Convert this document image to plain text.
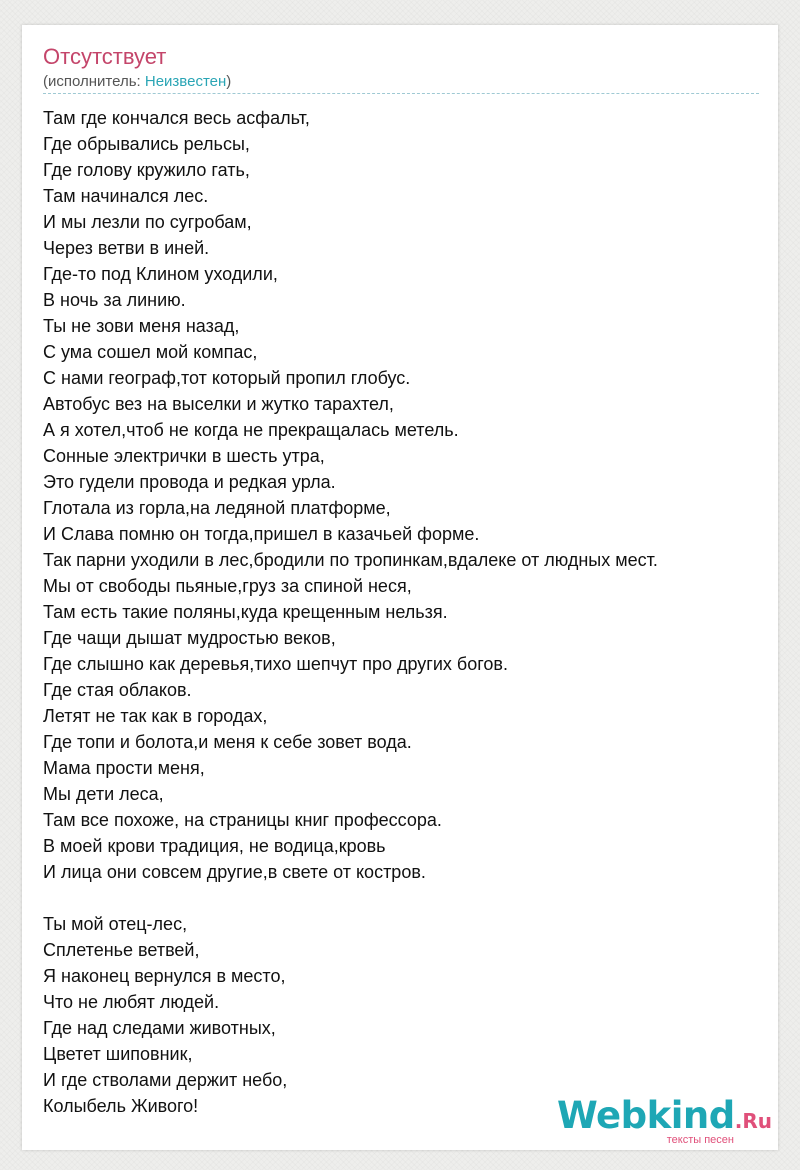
Отсутствует
(исполнитель: Неизвестен)
Там где кончался весь асфальт,
Где обрывались рельсы,
Где голову кружило гать,
Там начинался лес.
И мы лезли по сугробам,
Через ветви в иней.
Где-то под Клином уходили,
В ночь за линию.
Ты не зови меня назад,
С ума сошел мой компас,
С нами географ,тот который пропил глобус.
Автобус вез на выселки и жутко тарахтел,
А я хотел,чтоб не когда не прекращалась метель.
Сонные электрички в шесть утра,
Это гудели провода и редкая урла.
Глотала из горла,на ледяной платформе,
И Слава помню он тогда,пришел в казачьей форме.
Так парни уходили в лес,бродили по тропинкам,вдалеке от людных мест.
Мы от свободы пьяные,груз за спиной неся,
Там есть такие поляны,куда крещенным нельзя.
Где чащи дышат мудростью веков,
Где слышно как деревья,тихо шепчут про других богов.
Где стая облаков.
Летят не так как в городах,
Где топи и болота,и меня к себе зовет вода.
Мама прости меня,
Мы дети леса,
Там все похоже, на страницы книг профессора.
В моей крови традиция, не водица,кровь
И лица они совсем другие,в свете от костров.
Ты мой отец-лес,
Сплетенье ветвей,
Я наконец вернулся в место,
Что не любят людей.
Где над следами животных,
Цветет шиповник,
И где стволами держит небо,
Колыбель Живого!	Webkind.Ru
тексты песен
